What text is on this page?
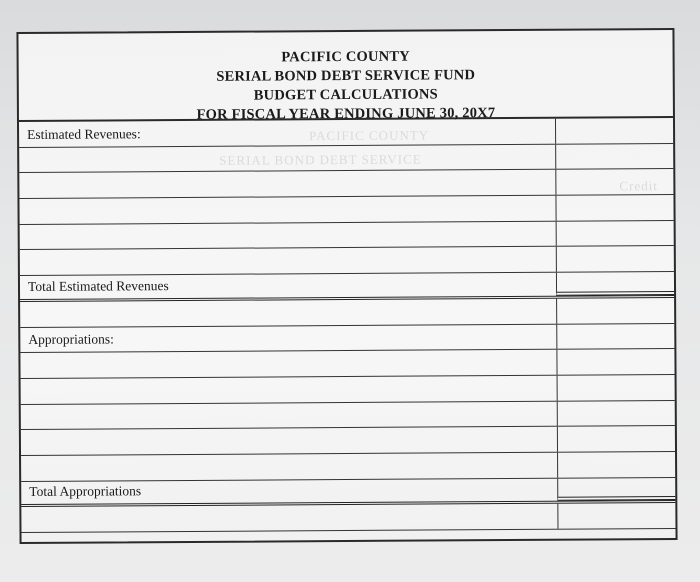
PACIFIC COUNTY
SERIAL BOND DEBT SERVICE FUND
BUDGET CALCULATIONS
FOR FISCAL YEAR ENDING JUNE 30, 20X7
PACIFIC COUNTY
SERIAL BOND DEBT SERVICE
Credit
Estimated Revenues:
Total Estimated Revenues
Appropriations:
Total Appropriations
